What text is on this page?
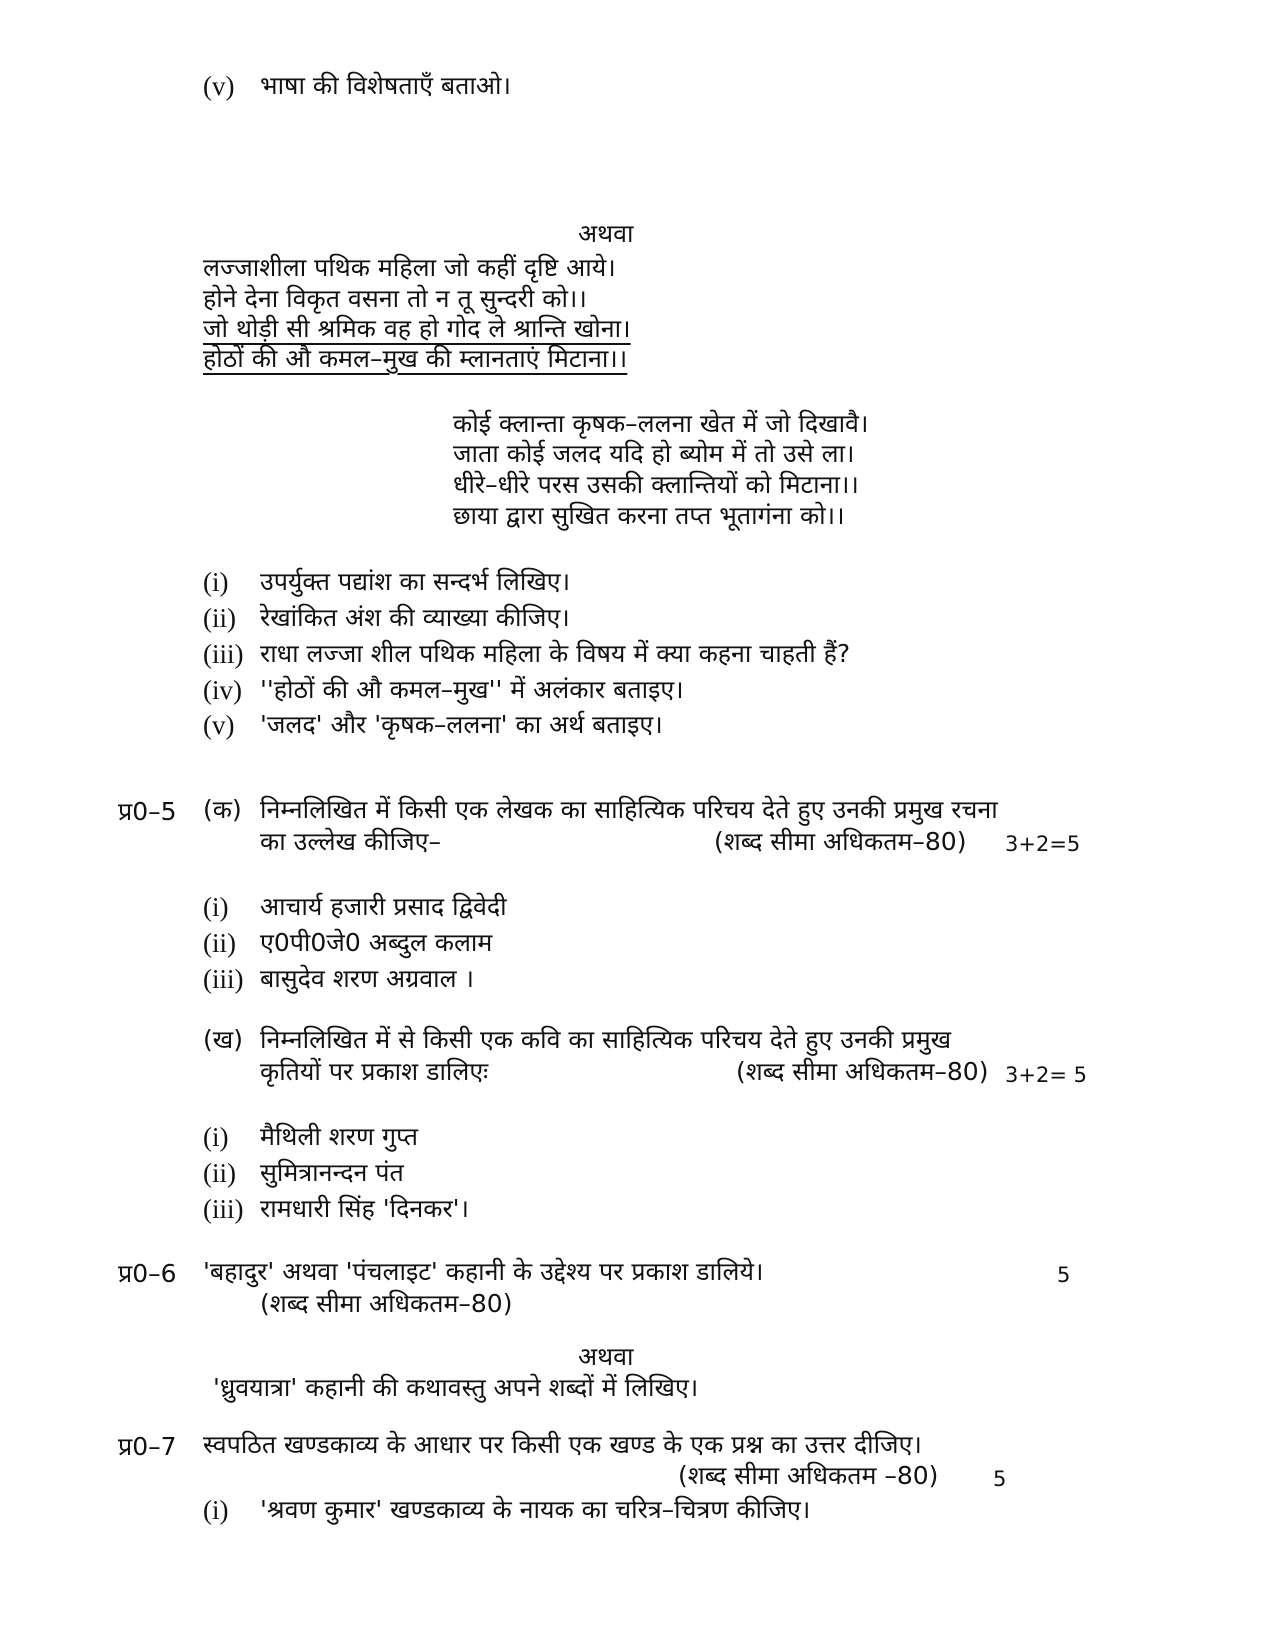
(v) भाषा की विशेषताएँ बताओ।
अथवा
लज्जाशीला पथिक महिला जो कहीं दृष्टि आये।
होने देना विकृत वसना तो न तू सुन्दरी को।।
जो थोड़ी सी श्रमिक वह हो गोद ले श्रान्ति खोना।
होठों की औ कमल–मुख की म्लानताएं मिटाना।।
कोई क्लान्ता कृषक–ललना खेत में जो दिखावै।
जाता कोई जलद यदि हो ब्योम में तो उसे ला।
धीरे–धीरे परस उसकी क्लान्तियों को मिटाना।।
छाया द्वारा सुखित करना तप्त भूतागंना को।।
(i) उपर्युक्त पद्यांश का सन्दर्भ लिखिए।
(ii) रेखांकित अंश की व्याख्या कीजिए।
(iii) राधा लज्जा शील पथिक महिला के विषय में क्या कहना चाहती हैं?
(iv) ''होठों की औ कमल–मुख'' में अलंकार बताइए।
(v) 'जलद' और 'कृषक–ललना' का अर्थ बताइए।
प्र0–5 (क) निम्नलिखित में किसी एक लेखक का साहित्यिक परिचय देते हुए उनकी प्रमुख रचना
का उल्लेख कीजिए–	(शब्द सीमा अधिकतम–80) 3+2=5
(i) आचार्य हजारी प्रसाद द्विवेदी
(ii) ए0पी0जे0 अब्दुल कलाम
(iii) बासुदेव शरण अग्रवाल ।
(ख) निम्नलिखित में से किसी एक कवि का साहित्यिक परिचय देते हुए उनकी प्रमुख
कृतियों पर प्रकाश डालिएः	(शब्द सीमा अधिकतम–80) 3+2= 5
(i) मैथिली शरण गुप्त
(ii) सुमित्रानन्दन पंत
(iii) रामधारी सिंह 'दिनकर'।
प्र0–6 'बहादुर' अथवा 'पंचलाइट' कहानी के उद्देश्य पर प्रकाश डालिये।	5
(शब्द सीमा अधिकतम–80)
अथवा
'ध्रुवयात्रा' कहानी की कथावस्तु अपने शब्दों में लिखिए।
प्र0–7 स्वपठित खण्डकाव्य के आधार पर किसी एक खण्ड के एक प्रश्न का उत्तर दीजिए।
(शब्द सीमा अधिकतम –80)	5
(i) 'श्रवण कुमार' खण्डकाव्य के नायक का चरित्र–चित्रण कीजिए।
